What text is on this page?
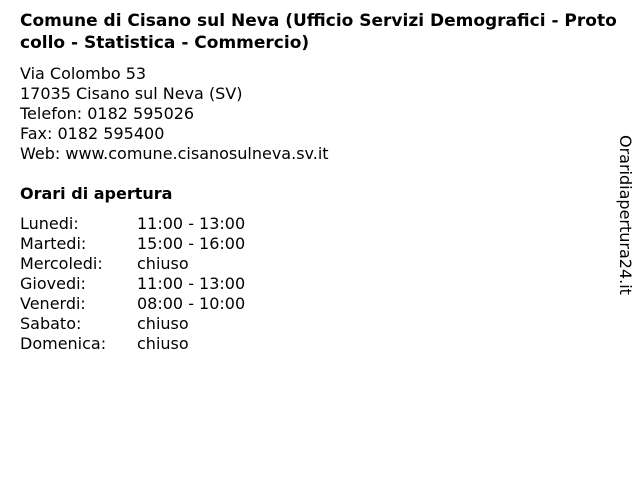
Comune di Cisano sul Neva (Ufficio Servizi Demografici - Protocollo - Statistica - Commercio)
Via Colombo 53
17035 Cisano sul Neva (SV)
Telefon: 0182 595026
Fax: 0182 595400
Web: www.comune.cisanosulneva.sv.it
Orari di apertura
Lunedi:	11:00 - 13:00
Martedi:	15:00 - 16:00
Mercoledi: chiuso
Giovedi:	11:00 - 13:00
Venerdi:	08:00 - 10:00
Sabato:	chiuso
Domenica: chiuso
Oraridiapertura24.it
